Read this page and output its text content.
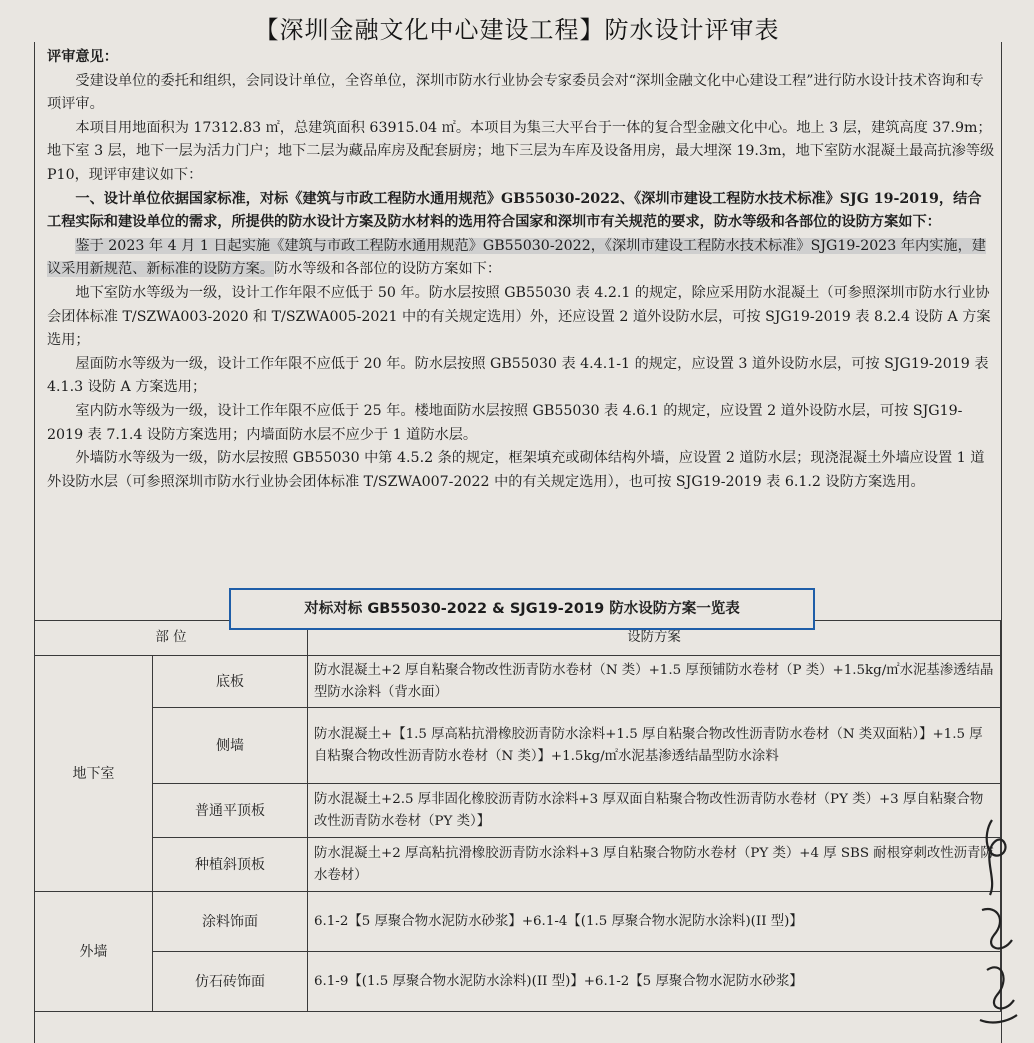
【深圳金融文化中心建设工程】防水设计评审表
评审意见：

受建设单位的委托和组织，会同设计单位，全咨单位，深圳市防水行业协会专家委员会对“深圳金融文化中心建设工程”进行防水设计技术咨询和专项评审。

本项目用地面积为 17312.83 ㎡，总建筑面积 63915.04 ㎡。本项目为集三大平台于一体的复合型金融文化中心。地上 3 层，建筑高度 37.9m；地下室 3 层，地下一层为活力门户；地下二层为藏品库房及配套厨房；地下三层为车库及设备用房，最大埋深 19.3m，地下室防水混凝土最高抗渗等级 P10，现评审建议如下：

一、设计单位依据国家标准，对标《建筑与市政工程防水通用规范》GB55030-2022、《深圳市建设工程防水技术标准》SJG 19-2019，结合工程实际和建设单位的需求，所提供的防水设计方案及防水材料的选用符合国家和深圳市有关规范的要求，防水等级和各部位的设防方案如下：

鉴于 2023 年 4 月 1 日起实施《建筑与市政工程防水通用规范》GB55030-2022，《深圳市建设工程防水技术标准》SJG19-2023 年内实施，建议采用新规范、新标准的设防方案。防水等级和各部位的设防方案如下：

地下室防水等级为一级，设计工作年限不应低于 50 年。防水层按照 GB55030 表 4.2.1 的规定，除应采用防水混凝土（可参照深圳市防水行业协会团体标准 T/SZWA003-2020 和 T/SZWA005-2021 中的有关规定选用）外，还应设置 2 道外设防水层，可按 SJG19-2019 表 8.2.4 设防 A 方案选用；

屋面防水等级为一级，设计工作年限不应低于 20 年。防水层按照 GB55030 表 4.4.1-1 的规定，应设置 3 道外设防水层，可按 SJG19-2019 表 4.1.3 设防 A 方案选用；

室内防水等级为一级，设计工作年限不应低于 25 年。楼地面防水层按照 GB55030 表 4.6.1 的规定，应设置 2 道外设防水层，可按 SJG19-2019 表 7.1.4 设防方案选用；内墙面防水层不应少于 1 道防水层。

外墙防水等级为一级，防水层按照 GB55030 中第 4.5.2 条的规定，框架填充或砌体结构外墙，应设置 2 道防水层；现浇混凝土外墙应设置 1 道外设防水层（可参照深圳市防水行业协会团体标准 T/SZWA007-2022 中的有关规定选用），也可按 SJG19-2019 表 6.1.2 设防方案选用。

部 位		设防方案
地下室	底板	防水混凝土+2 厚自粘聚合物改性沥青防水卷材（N 类）+1.5 厚预铺防水卷材（P 类）+1.5kg/㎡水泥基渗透结晶型防水涂料（背水面）
	侧墙	防水混凝土+【1.5 厚高粘抗滑橡胶沥青防水涂料+1.5 厚自粘聚合物改性沥青防水卷材（N 类双面粘）】+1.5 厚自粘聚合物改性沥青防水卷材（N 类）】+1.5kg/㎡水泥基渗透结晶型防水涂料
	普通平顶板	防水混凝土+2.5 厚非固化橡胶沥青防水涂料+3 厚双面自粘聚合物改性沥青防水卷材（PY 类）+3 厚自粘聚合物改性沥青防水卷材（PY 类）】
	种植斜顶板	防水混凝土+2 厚高粘抗滑橡胶沥青防水涂料+3 厚自粘聚合物防水卷材（PY 类）+4 厚 SBS 耐根穿刺改性沥青防水卷材）
外墙	涂料饰面	6.1-2【5 厚聚合物水泥防水砂浆】+6.1-4【(1.5 厚聚合物水泥防水涂料)(II 型)】
	仿石砖饰面	6.1-9【(1.5 厚聚合物水泥防水涂料)(II 型)】+6.1-2【5 厚聚合物水泥防水砂浆】
对标对标 GB55030-2022 & SJG19-2019 防水设防方案一览表
